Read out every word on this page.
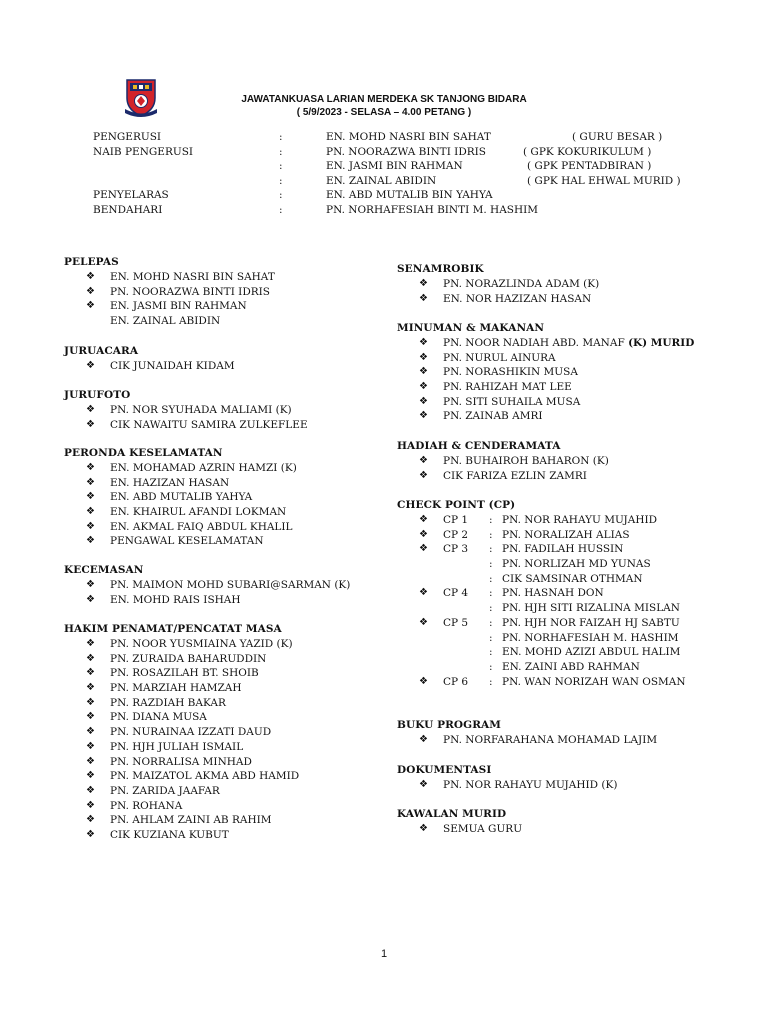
JAWATANKUASA LARIAN MERDEKA SK TANJONG BIDARA
( 5/9/2023 - SELASA – 4.00 PETANG )
PENGERUSI	:	EN. MOHD NASRI BIN SAHAT	( GURU BESAR )
NAIB PENGERUSI	:	PN. NOORAZWA BINTI IDRIS	( GPK KOKURIKULUM )
:	EN. JASMI BIN RAHMAN	( GPK PENTADBIRAN )
:	EN. ZAINAL ABIDIN	( GPK HAL EHWAL MURID )
PENYELARAS	:	EN. ABD MUTALIB BIN YAHYA
BENDAHARI	:	PN. NORHAFESIAH BINTI M. HASHIM
PELEPAS
❖ EN. MOHD NASRI BIN SAHAT
❖ PN. NOORAZWA BINTI IDRIS
❖ EN. JASMI BIN RAHMAN
EN. ZAINAL ABIDIN
JURUACARA
❖ CIK JUNAIDAH KIDAM
JURUFOTO
❖ PN. NOR SYUHADA MALIAMI (K)
❖ CIK NAWAITU SAMIRA ZULKEFLEE
PERONDA KESELAMATAN
❖ EN. MOHAMAD AZRIN HAMZI (K)
❖ EN. HAZIZAN HASAN
❖ EN. ABD MUTALIB YAHYA
❖ EN. KHAIRUL AFANDI LOKMAN
❖ EN. AKMAL FAIQ ABDUL KHALIL
❖ PENGAWAL KESELAMATAN
KECEMASAN
❖ PN. MAIMON MOHD SUBARI@SARMAN (K)
❖ EN. MOHD RAIS ISHAH
HAKIM PENAMAT/PENCATAT MASA
❖ PN. NOOR YUSMIAINA YAZID (K)
❖ PN. ZURAIDA BAHARUDDIN
❖ PN. ROSAZILAH BT. SHOIB
❖ PN. MARZIAH HAMZAH
❖ PN. RAZDIAH BAKAR
❖ PN. DIANA MUSA
❖ PN. NURAINAA IZZATI DAUD
❖ PN. HJH JULIAH ISMAIL
❖ PN. NORRALISA MINHAD
❖ PN. MAIZATOL AKMA ABD HAMID
❖ PN. ZARIDA JAAFAR
❖ PN. ROHANA
❖ PN. AHLAM ZAINI AB RAHIM
❖ CIK KUZIANA KUBUT
SENAMROBIK
❖ PN. NORAZLINDA ADAM (K)
❖ EN. NOR HAZIZAN HASAN
MINUMAN & MAKANAN
❖ PN. NOOR NADIAH ABD. MANAF (K) MURID
❖ PN. NURUL AINURA
❖ PN. NORASHIKIN MUSA
❖ PN. RAHIZAH MAT LEE
❖ PN. SITI SUHAILA MUSA
❖ PN. ZAINAB AMRI
HADIAH & CENDERAMATA
❖ PN. BUHAIROH BAHARON (K)
❖ CIK FARIZA EZLIN ZAMRI
CHECK POINT (CP)
❖ CP 1 : PN. NOR RAHAYU MUJAHID
❖ CP 2 : PN. NORALIZAH ALIAS
❖ CP 3 : PN. FADILAH HUSSIN
: PN. NORLIZAH MD YUNAS
: CIK SAMSINAR OTHMAN
❖ CP 4 : PN. HASNAH DON
: PN. HJH SITI RIZALINA MISLAN
❖ CP 5 : PN. HJH NOR FAIZAH HJ SABTU
: PN. NORHAFESIAH M. HASHIM
: EN. MOHD AZIZI ABDUL HALIM
: EN. ZAINI ABD RAHMAN
❖ CP 6 : PN. WAN NORIZAH WAN OSMAN
BUKU PROGRAM
❖ PN. NORFARAHANA MOHAMAD LAJIM
DOKUMENTASI
❖ PN. NOR RAHAYU MUJAHID (K)
KAWALAN MURID
❖ SEMUA GURU
1
